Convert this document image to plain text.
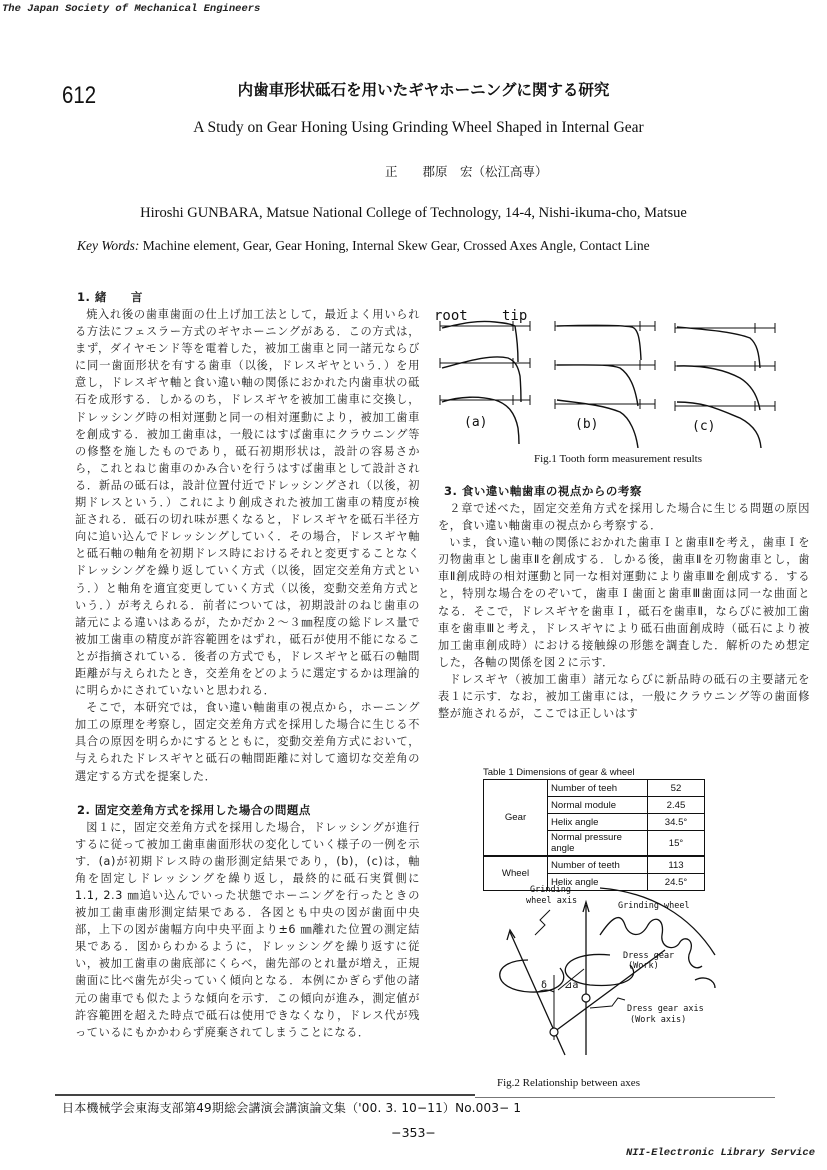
The Japan Society of Mechanical Engineers
612	内歯車形状砥石を用いたギヤホーニングに関する研究
A Study on Gear Honing Using Grinding Wheel Shaped in Internal Gear
正　　郡原　宏（松江高専）
Hiroshi GUNBARA, Matsue National College of Technology, 14-4, Nishi-ikuma-cho, Matsue
Key Words: Machine element, Gear, Gear Honing, Internal Skew Gear, Crossed Axes Angle, Contact Line
1. 緒　　言

焼入れ後の歯車歯面の仕上げ加工法として，最近よく用いられる方法にフェスラー方式のギヤホーニングがある．この方式は，まず，ダイヤモンド等を電着した，被加工歯車と同一諸元ならびに同一歯面形状を有する歯車（以後，ドレスギヤという．）を用意し，ドレスギヤ軸と食い違い軸の関係におかれた内歯車状の砥石を成形する．しかるのち，ドレスギヤを被加工歯車に交換し，ドレッシング時の相対運動と同一の相対運動により，被加工歯車を創成する．被加工歯車は，一般にはすば歯車にクラウニング等の修整を施したものであり，砥石初期形状は，設計の容易さから，これとねじ歯車のかみ合いを行うはすば歯車として設計される．新品の砥石は，設計位置付近でドレッシングされ（以後，初期ドレスという．）これにより創成された被加工歯車の精度が検証される．砥石の切れ味が悪くなると，ドレスギヤを砥石半径方向に追い込んでドレッシングしていく．その場合，ドレスギヤ軸と砥石軸の軸角を初期ドレス時におけるそれと変更することなくドレッシングを繰り返していく方式（以後，固定交差角方式という．）と軸角を適宜変更していく方式（以後，変動交差角方式という．）が考えられる．前者については，初期設計のねじ歯車の諸元による違いはあるが，たかだか２～３㎜程度の総ドレス量で被加工歯車の精度が許容範囲をはずれ，砥石が使用不能になることが指摘されている．後者の方式でも，ドレスギヤと砥石の軸間距離が与えられたとき，交差角をどのように選定するかは理論的に明らかにされていないと思われる．

そこで，本研究では，食い違い軸歯車の視点から，ホーニング加工の原理を考察し，固定交差角方式を採用した場合に生じる不具合の原因を明らかにするとともに，変動交差角方式において，与えられたドレスギヤと砥石の軸間距離に対して適切な交差角の選定する方式を提案した．

2. 固定交差角方式を採用した場合の問題点

図１に，固定交差角方式を採用した場合，ドレッシングが進行するに従って被加工歯車歯面形状の変化していく様子の一例を示す．(a)が初期ドレス時の歯形測定結果であり，(b)，(c)は，軸角を固定しドレッシングを繰り返し，最終的に砥石実質側に 1.1, 2.3 ㎜追い込んでいった状態でホーニングを行ったときの被加工歯車歯形測定結果である．各図とも中央の図が歯面中央部，上下の図が歯幅方向中央平面より±6 ㎜離れた位置の測定結果である．図からわかるように，ドレッシングを繰り返すに従い，被加工歯車の歯底部にくらべ，歯先部のとれ量が増え，正規歯面に比べ歯先が尖っていく傾向となる．本例にかぎらず他の諸元の歯車でも似たような傾向を示す．この傾向が進み，測定値が許容範囲を超えた時点で砥石は使用できなくなり，ドレス代が残っているにもかかわらず廃棄されてしまうことになる．

root tip
(a)	(b)	(c)
Fig.1 Tooth form measurement results
3. 食い違い軸歯車の視点からの考察

２章で述べた，固定交差角方式を採用した場合に生じる問題の原因を，食い違い軸歯車の視点から考察する．

いま，食い違い軸の関係におかれた歯車Ｉと歯車Ⅱを考え，歯車Ｉを刃物歯車とし歯車Ⅱを創成する．しかる後，歯車Ⅱを刃物歯車とし，歯車Ⅱ創成時の相対運動と同一な相対運動により歯車Ⅲを創成する．すると，特別な場合をのぞいて，歯車Ｉ歯面と歯車Ⅲ歯面は同一な曲面となる．そこで，ドレスギヤを歯車Ｉ，砥石を歯車Ⅱ，ならびに被加工歯車を歯車Ⅲと考え，ドレスギヤにより砥石曲面創成時（砥石により被加工歯車創成時）における接触線の形態を調査した．解析のため想定した，各軸の関係を図２に示す．

ドレスギヤ（被加工歯車）諸元ならびに新品時の砥石の主要諸元を表１に示す．なお，被加工歯車には，一般にクラウニング等の歯面修整が施されるが，ここでは正しいはす

Table 1 Dimensions of gear & wheel
Gear	Number of teeh	52
	Normal module	2.45
	Helix angle	34.5°
	Normal pressure angle	15°
Wheel	Number of teeth	113
	Helix angle	24.5°
Grinding
wheel axis	Grinding wheel
Dress gear
(Work)
Dress gear axis
(Work axis)
δ ⊿a
Fig.2 Relationship between axes
日本機械学会東海支部第49期総会講演会講演論文集（'00. 3. 10−11）No.003− 1
−353−
NII-Electronic Library Service
